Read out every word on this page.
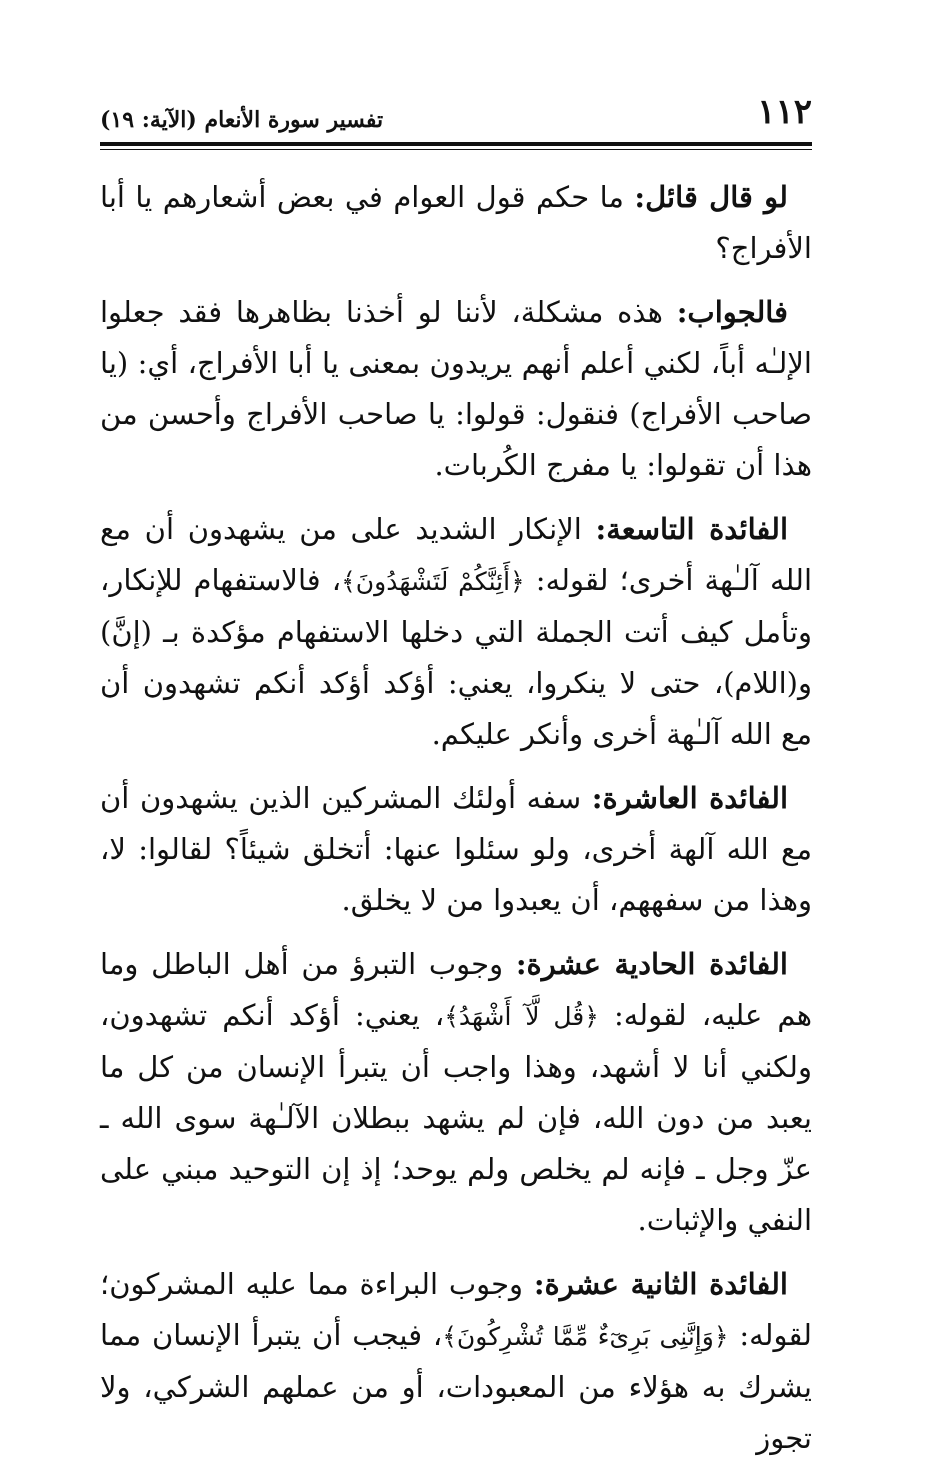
١١٢
تفسير سورة الأنعام (الآية: ١٩)

لو قال قائل: ما حكم قول العوام في بعض أشعارهم يا أبا الأفراج؟

فالجواب: هذه مشكلة، لأننا لو أخذنا بظاهرها فقد جعلوا الإلـٰه أباً، لكني أعلم أنهم يريدون بمعنى يا أبا الأفراج، أي: (يا صاحب الأفراج) فنقول: قولوا: يا صاحب الأفراج وأحسن من هذا أن تقولوا: يا مفرج الكُربات.

الفائدة التاسعة: الإنكار الشديد على من يشهدون أن مع الله آلـٰهة أخرى؛ لقوله: ﴿أَئِنَّكُمْ لَتَشْهَدُونَ﴾، فالاستفهام للإنكار، وتأمل كيف أتت الجملة التي دخلها الاستفهام مؤكدة بـ (إنَّ) و(اللام)، حتى لا ينكروا، يعني: أؤكد أؤكد أنكم تشهدون أن مع الله آلـٰهة أخرى وأنكر عليكم.

الفائدة العاشرة: سفه أولئك المشركين الذين يشهدون أن مع الله آلهة أخرى، ولو سئلوا عنها: أتخلق شيئاً؟ لقالوا: لا، وهذا من سفههم، أن يعبدوا من لا يخلق.

الفائدة الحادية عشرة: وجوب التبرؤ من أهل الباطل وما هم عليه، لقوله: ﴿قُل لَّآ أَشْهَدُ﴾، يعني: أؤكد أنكم تشهدون، ولكني أنا لا أشهد، وهذا واجب أن يتبرأ الإنسان من كل ما يعبد من دون الله، فإن لم يشهد ببطلان الآلـٰهة سوى الله ـ عزّ وجل ـ فإنه لم يخلص ولم يوحد؛ إذ إن التوحيد مبني على النفي والإثبات.

الفائدة الثانية عشرة: وجوب البراءة مما عليه المشركون؛ لقوله: ﴿وَإِنَّنِى بَرِىٓءٌ مِّمَّا تُشْرِكُونَ﴾، فيجب أن يتبرأ الإنسان مما يشرك به هؤلاء من المعبودات، أو من عملهم الشركي، ولا تجوز
